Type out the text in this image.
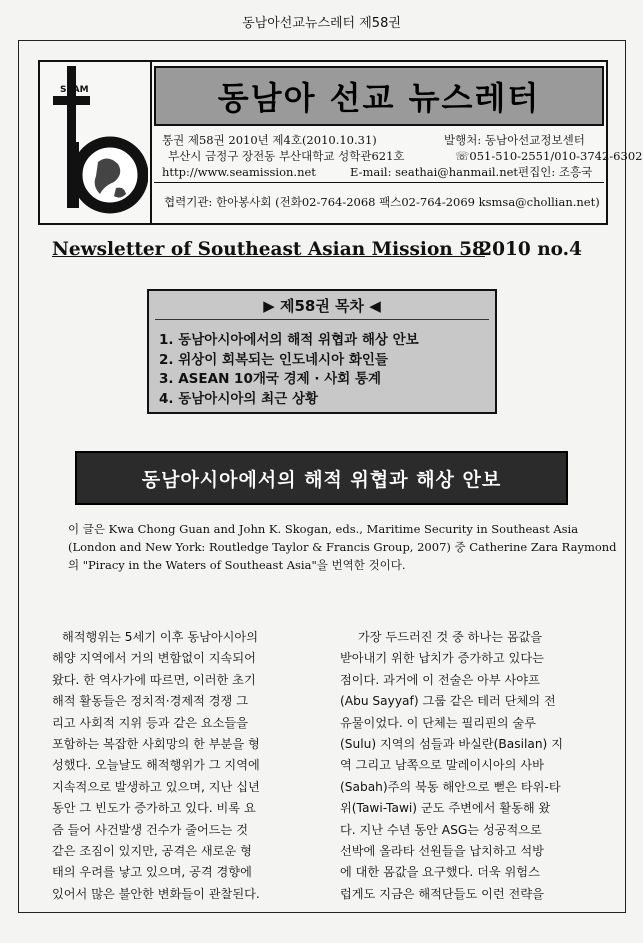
동남아선교뉴스레터 제58권
SEAM	동남아 선교 뉴스레터
통권 제58권 2010년 제4호(2010.10.31)	발행처: 동남아선교정보센터
부산시 금정구 장전동 부산대학교 성학관621호	☏051-510-2551/010-3742-6302
http://www.seamission.net	E-mail: seathai@hanmail.net 편집인: 조흥국
협력기관: 한아봉사회 (전화02-764-2068 팩스02-764-2069 ksmsa@chollian.net)
Newsletter of Southeast Asian Mission 58
2010 no.4
▶ 제58권 목차 ◀
1. 동남아시아에서의 해적 위협과 해상 안보
2. 위상이 회복되는 인도네시아 화인들
3. ASEAN 10개국 경제 · 사회 통계
4. 동남아시아의 최근 상황
동남아시아에서의 해적 위협과 해상 안보

이 글은 Kwa Chong Guan and John K. Skogan, eds., Maritime Security in Southeast Asia

(London and New York: Routledge Taylor & Francis Group, 2007) 중 Catherine Zara Raymond

의 "Piracy in the Waters of Southeast Asia"을 번역한 것이다.

해적행위는 5세기 이후 동남아시아의

해양 지역에서 거의 변함없이 지속되어

왔다. 한 역사가에 따르면, 이러한 초기

해적 활동들은 정치적·경제적 경쟁 그

리고 사회적 지위 등과 같은 요소들을

포함하는 복잡한 사회망의 한 부분을 형

성했다. 오늘날도 해적행위가 그 지역에

지속적으로 발생하고 있으며, 지난 십년

동안 그 빈도가 증가하고 있다. 비록 요

즘 들어 사건발생 건수가 줄어드는 것

같은 조짐이 있지만, 공격은 새로운 형

태의 우려를 낳고 있으며, 공격 경향에

있어서 많은 불안한 변화들이 관찰된다.

가장 두드러진 것 중 하나는 몸값을

받아내기 위한 납치가 증가하고 있다는

점이다. 과거에 이 전술은 아부 사야프

(Abu Sayyaf) 그룹 같은 테러 단체의 전

유물이었다. 이 단체는 필리핀의 술루

(Sulu) 지역의 섬들과 바실란(Basilan) 지

역 그리고 남쪽으로 말레이시아의 사바

(Sabah)주의 북동 해안으로 뻗은 타위-타

위(Tawi-Tawi) 군도 주변에서 활동해 왔

다. 지난 수년 동안 ASG는 성공적으로

선박에 올라타 선원들을 납치하고 석방

에 대한 몸값을 요구했다. 더욱 위험스

럽게도 지금은 해적단들도 이런 전략을
